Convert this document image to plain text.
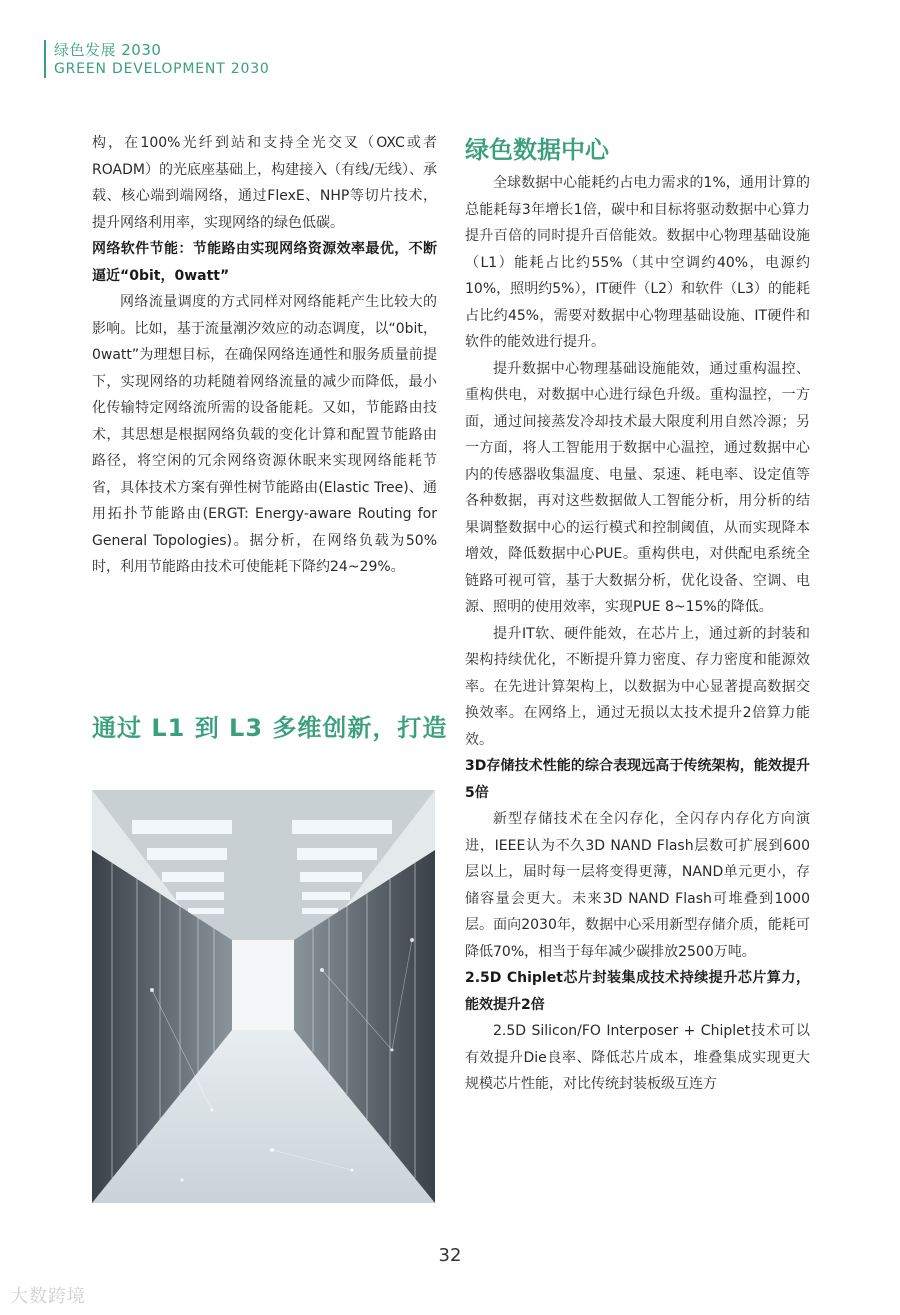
绿色发展 2030
GREEN DEVELOPMENT 2030

构，在100%光纤到站和支持全光交叉（OXC或者ROADM）的光底座基础上，构建接入（有线/无线）、承载、核心端到端网络，通过FlexE、NHP等切片技术，提升网络利用率，实现网络的绿色低碳。

网络软件节能：节能路由实现网络资源效率最优，不断逼近“0bit，0watt”

网络流量调度的方式同样对网络能耗产生比较大的影响。比如，基于流量潮汐效应的动态调度，以“0bit，0watt”为理想目标，在确保网络连通性和服务质量前提下，实现网络的功耗随着网络流量的减少而降低，最小化传输特定网络流所需的设备能耗。又如，节能路由技术，其思想是根据网络负载的变化计算和配置节能路由路径，将空闲的冗余网络资源休眠来实现网络能耗节省，具体技术方案有弹性树节能路由(Elastic Tree)、通用拓扑节能路由(ERGT: Energy-aware Routing for General Topologies)。据分析，在网络负载为50%时，利用节能路由技术可使能耗下降约24~29%。

通过 L1 到 L3 多维创新，打造

绿色数据中心

全球数据中心能耗约占电力需求的1%，通用计算的总能耗每3年增长1倍，碳中和目标将驱动数据中心算力提升百倍的同时提升百倍能效。数据中心物理基础设施（L1）能耗占比约55%（其中空调约40%，电源约10%，照明约5%），IT硬件（L2）和软件（L3）的能耗占比约45%，需要对数据中心物理基础设施、IT硬件和软件的能效进行提升。

提升数据中心物理基础设施能效，通过重构温控、重构供电，对数据中心进行绿色升级。重构温控，一方面，通过间接蒸发冷却技术最大限度利用自然冷源；另一方面，将人工智能用于数据中心温控，通过数据中心内的传感器收集温度、电量、泵速、耗电率、设定值等各种数据，再对这些数据做人工智能分析，用分析的结果调整数据中心的运行模式和控制阈值，从而实现降本增效，降低数据中心PUE。重构供电，对供配电系统全链路可视可管，基于大数据分析，优化设备、空调、电源、照明的使用效率，实现PUE 8~15%的降低。

提升IT软、硬件能效，在芯片上，通过新的封装和架构持续优化，不断提升算力密度、存力密度和能源效率。在先进计算架构上，以数据为中心显著提高数据交换效率。在网络上，通过无损以太技术提升2倍算力能效。

3D存储技术性能的综合表现远高于传统架构，能效提升5倍

新型存储技术在全闪存化，全闪存内存化方向演进，IEEE认为不久3D NAND Flash层数可扩展到600层以上，届时每一层将变得更薄，NAND单元更小，存储容量会更大。未来3D NAND Flash可堆叠到1000层。面向2030年，数据中心采用新型存储介质，能耗可降低70%，相当于每年减少碳排放2500万吨。

2.5D Chiplet芯片封装集成技术持续提升芯片算力，能效提升2倍

2.5D Silicon/FO Interposer + Chiplet技术可以有效提升Die良率、降低芯片成本，堆叠集成实现更大规模芯片性能，对比传统封装板级互连方

32
大数跨境
